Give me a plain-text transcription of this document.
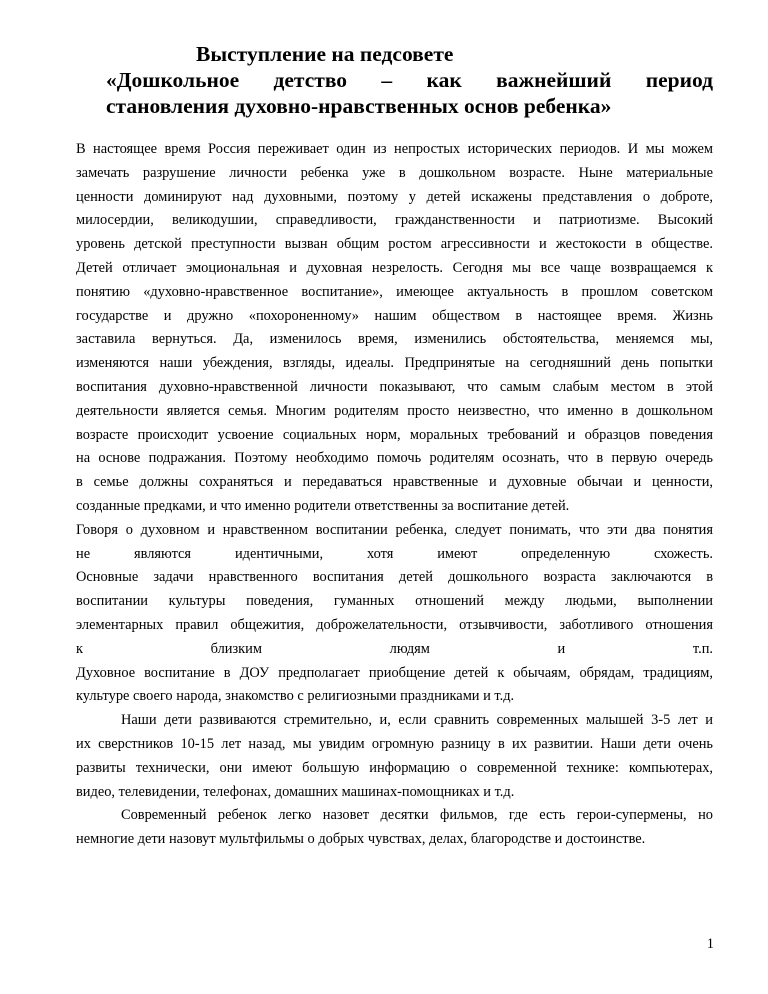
Выступление на педсовете
«Дошкольное детство – как важнейший период
становления духовно-нравственных основ ребенка»
В настоящее время Россия переживает один из непростых исторических периодов. И мы можем
замечать разрушение личности ребенка уже в дошкольном возрасте. Ныне материальные
ценности доминируют над духовными, поэтому у детей искажены представления о доброте,
милосердии, великодушии, справедливости, гражданственности и патриотизме. Высокий
уровень детской преступности вызван общим ростом агрессивности и жестокости в обществе.
Детей отличает эмоциональная и духовная незрелость. Сегодня мы все чаще возвращаемся к
понятию «духовно-нравственное воспитание», имеющее актуальность в прошлом советском
государстве и дружно «похороненному» нашим обществом в настоящее время. Жизнь
заставила вернуться. Да, изменилось время, изменились обстоятельства, меняемся мы,
изменяются наши убеждения, взгляды, идеалы. Предпринятые на сегодняшний день попытки
воспитания духовно-нравственной личности показывают, что самым слабым местом в этой
деятельности является семья. Многим родителям просто неизвестно, что именно в дошкольном
возрасте происходит усвоение социальных норм, моральных требований и образцов поведения
на основе подражания. Поэтому необходимо помочь родителям осознать, что в первую очередь
в семье должны сохраняться и передаваться нравственные и духовные обычаи и ценности,
созданные предками, и что именно родители ответственны за воспитание детей.
Говоря о духовном и нравственном воспитании ребенка, следует понимать, что эти два понятия
не являются идентичными, хотя имеют определенную схожесть.
Основные задачи нравственного воспитания детей дошкольного возраста заключаются в
воспитании культуры поведения, гуманных отношений между людьми, выполнении
элементарных правил общежития, доброжелательности, отзывчивости, заботливого отношения
к близким людям и т.п.
Духовное воспитание в ДОУ предполагает приобщение детей к обычаям, обрядам, традициям,
культуре своего народа, знакомство с религиозными праздниками и т.д.
Наши дети развиваются стремительно, и, если сравнить современных малышей 3-5 лет и
их сверстников 10-15 лет назад, мы увидим огромную разницу в их развитии. Наши дети очень
развиты технически, они имеют большую информацию о современной технике: компьютерах,
видео, телевидении, телефонах, домашних машинах-помощниках и т.д.
Современный ребенок легко назовет десятки фильмов, где есть герои-супермены, но
немногие дети назовут мультфильмы о добрых чувствах, делах, благородстве и достоинстве.
1
